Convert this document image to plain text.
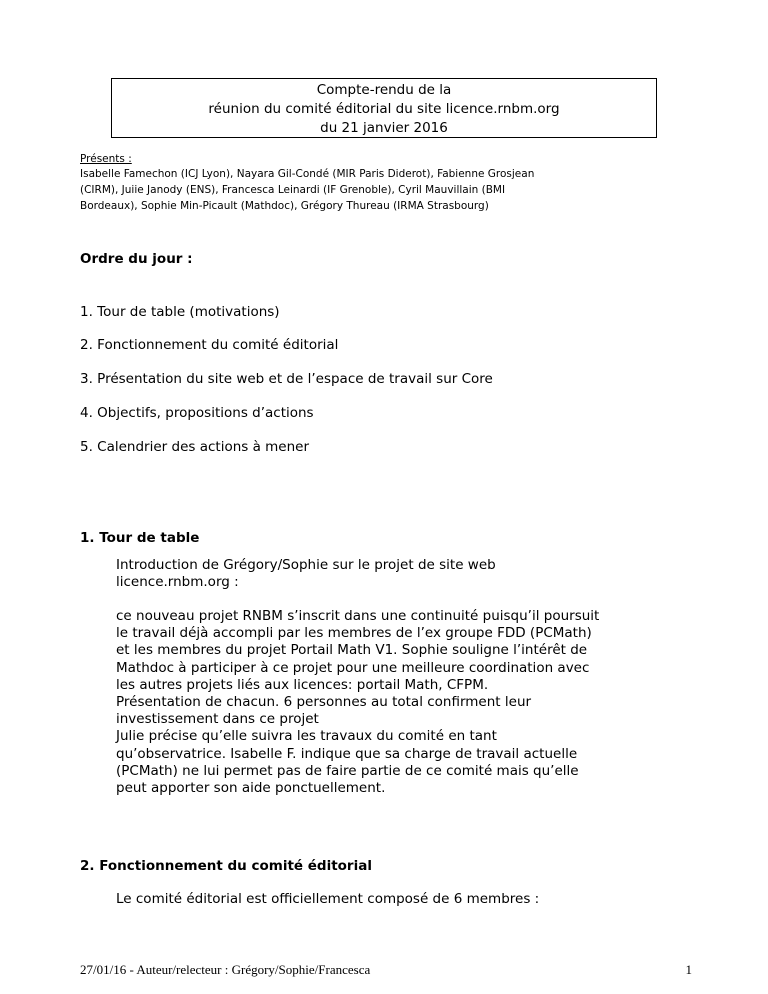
Compte-rendu de la
réunion du comité éditorial du site licence.rnbm.org
du 21 janvier 2016
Présents :
Isabelle Famechon (ICJ Lyon), Nayara Gil-Condé (MIR Paris Diderot), Fabienne Grosjean
(CIRM), Juiie Janody (ENS), Francesca Leinardi (IF Grenoble), Cyril Mauvillain (BMI
Bordeaux), Sophie Min-Picault (Mathdoc), Grégory Thureau (IRMA Strasbourg)
Ordre du jour :
1. Tour de table (motivations)
2. Fonctionnement du comité éditorial
3. Présentation du site web et de l’espace de travail sur Core
4. Objectifs, propositions d’actions
5. Calendrier des actions à mener
1. Tour de table
Introduction de Grégory/Sophie sur le projet de site web
licence.rnbm.org :
ce nouveau projet RNBM s’inscrit dans une continuité puisqu’il poursuit
le travail déjà accompli par les membres de l’ex groupe FDD (PCMath)
et les membres du projet Portail Math V1. Sophie souligne l’intérêt de
Mathdoc à participer à ce projet pour une meilleure coordination avec
les autres projets liés aux licences: portail Math, CFPM.
Présentation de chacun. 6 personnes au total confirment leur
investissement dans ce projet
Julie précise qu’elle suivra les travaux du comité en tant
qu’observatrice. Isabelle F. indique que sa charge de travail actuelle
(PCMath) ne lui permet pas de faire partie de ce comité mais qu’elle
peut apporter son aide ponctuellement.
2. Fonctionnement du comité éditorial
Le comité éditorial est officiellement composé de 6 membres :
27/01/16 - Auteur/relecteur : Grégory/Sophie/Francesca	1
